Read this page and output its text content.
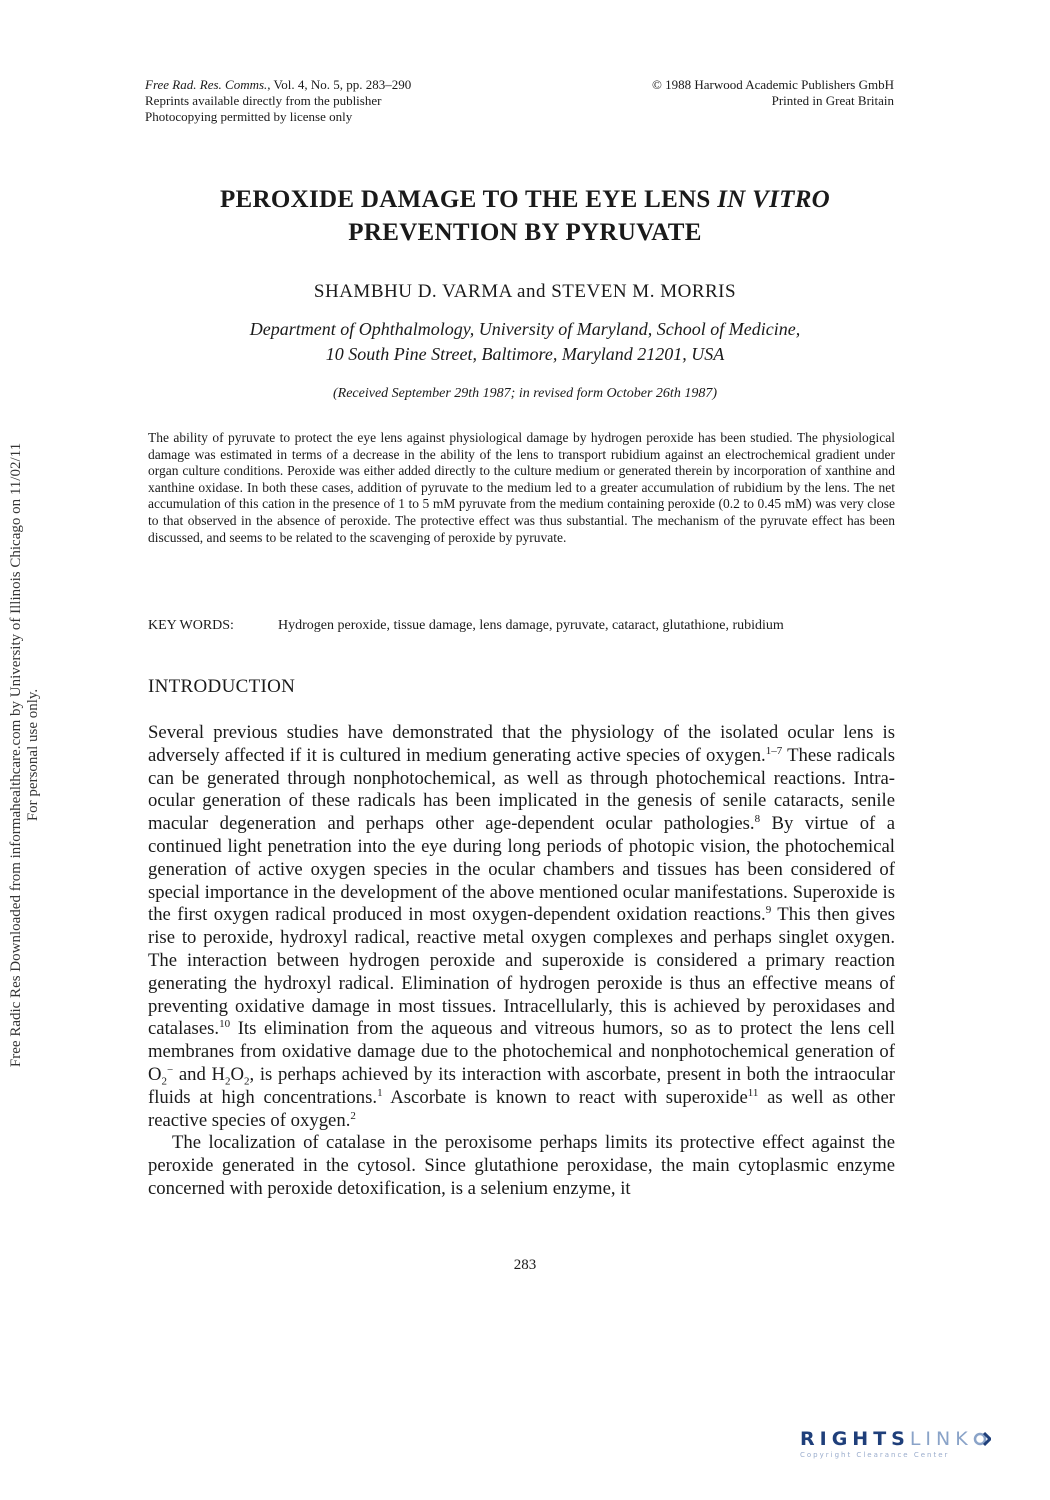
Free Rad. Res. Comms., Vol. 4, No. 5, pp. 283–290
Reprints available directly from the publisher
Photocopying permitted by license only
© 1988 Harwood Academic Publishers GmbH
Printed in Great Britain
PEROXIDE DAMAGE TO THE EYE LENS IN VITRO
PREVENTION BY PYRUVATE
SHAMBHU D. VARMA and STEVEN M. MORRIS
Department of Ophthalmology, University of Maryland, School of Medicine,
10 South Pine Street, Baltimore, Maryland 21201, USA
(Received September 29th 1987; in revised form October 26th 1987)
The ability of pyruvate to protect the eye lens against physiological damage by hydrogen peroxide has been studied. The physiological damage was estimated in terms of a decrease in the ability of the lens to transport rubidium against an electrochemical gradient under organ culture conditions. Peroxide was either added directly to the culture medium or generated therein by incorporation of xanthine and xanthine oxidase. In both these cases, addition of pyruvate to the medium led to a greater accumulation of rubidium by the lens. The net accumulation of this cation in the presence of 1 to 5 mM pyruvate from the medium containing peroxide (0.2 to 0.45 mM) was very close to that observed in the absence of peroxide. The protective effect was thus substantial. The mechanism of the pyruvate effect has been discussed, and seems to be related to the scavenging of peroxide by pyruvate.
KEY WORDS:	Hydrogen peroxide, tissue damage, lens damage, pyruvate, cataract, glutathione, rubidium
INTRODUCTION

Several previous studies have demonstrated that the physiology of the isolated ocular lens is adversely affected if it is cultured in medium generating active species of oxygen.$^{1-7}$ These radicals can be generated through nonphotochemical, as well as through photochemical reactions. Intra-ocular generation of these radicals has been implicated in the genesis of senile cataracts, senile macular degeneration and perhaps other age-dependent ocular pathologies.$^8$ By virtue of a continued light penetration into the eye during long periods of photopic vision, the photochemical generation of active oxygen species in the ocular chambers and tissues has been considered of special importance in the development of the above mentioned ocular manifestations. Superoxide is the first oxygen radical produced in most oxygen-dependent oxidation reactions.$^9$ This then gives rise to peroxide, hydroxyl radical, reactive metal oxygen complexes and perhaps singlet oxygen. The interaction between hydrogen peroxide and superoxide is considered a primary reaction generating the hydroxyl radical. Elimination of hydrogen peroxide is thus an effective means of preventing oxidative damage in most tissues. Intracellularly, this is achieved by peroxidases and catalases.$^{10}$ Its elimination from the aqueous and vitreous humors, so as to protect the lens cell membranes from oxidative damage due to the photochemical and nonphotochemical generation of $O_2^-$ and $H_2O_2$, is perhaps achieved by its interaction with ascorbate, present in both the intraocular fluids at high concentrations.$^1$ Ascorbate is known to react with superoxide$^{11}$ as well as other reactive species of oxygen.$^2$

The localization of catalase in the peroxisome perhaps limits its protective effect against the peroxide generated in the cytosol. Since glutathione peroxidase, the main cytoplasmic enzyme concerned with peroxide detoxification, is a selenium enzyme, it

283
Free Radic Res Downloaded from informahealthcare.com by University of Illinois Chicago on 11/02/11 For personal use only.
RIGHTSLINK
Copyright Clearance Center
